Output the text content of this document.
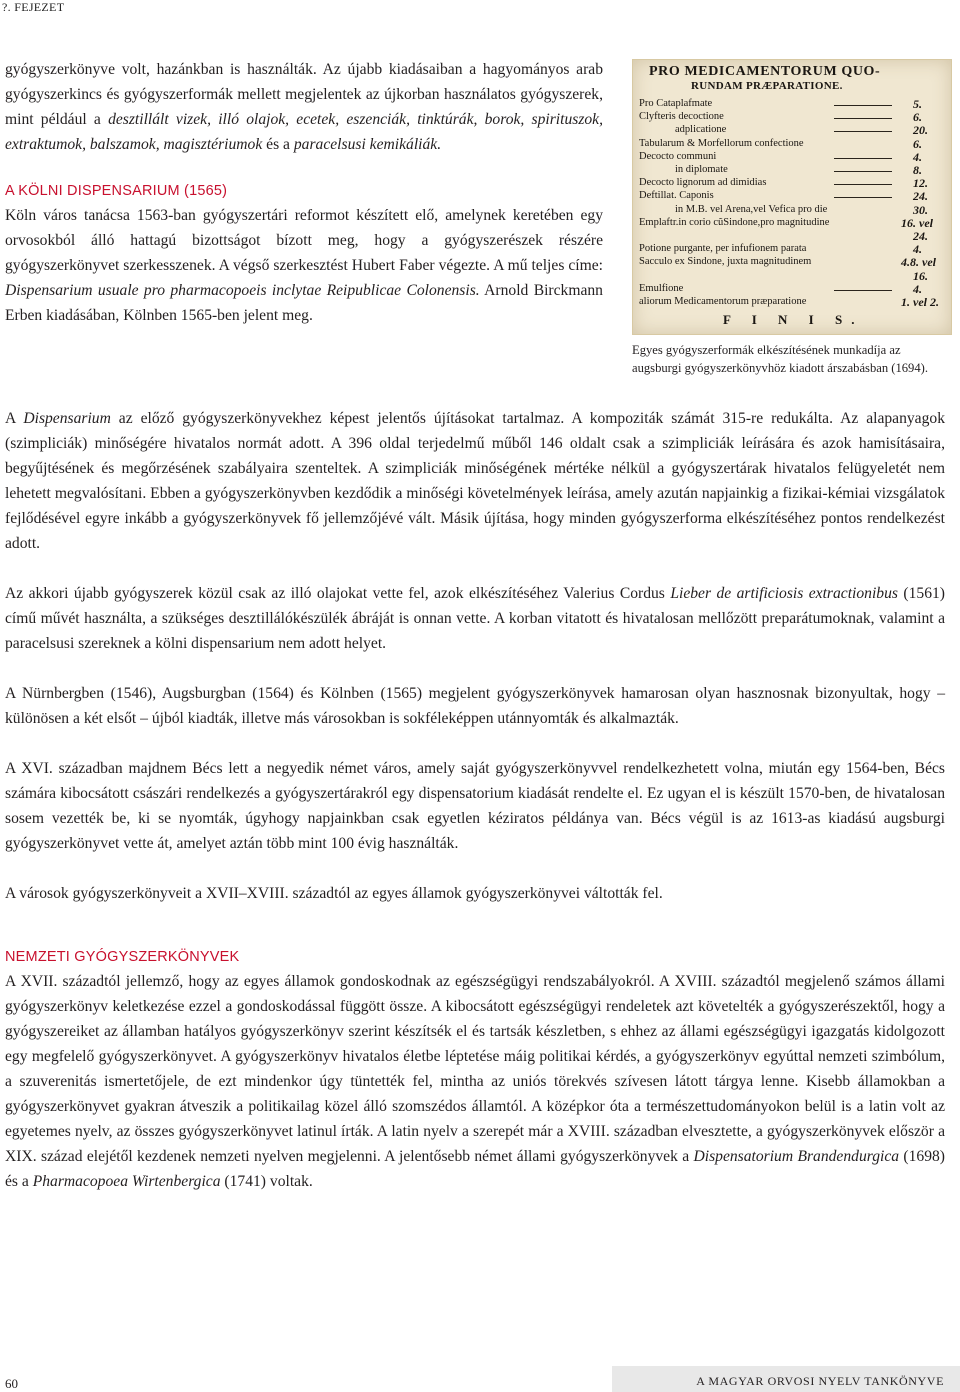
?. FEJEZET

gyógyszerkönyve volt, hazánkban is használták. Az újabb kiadásaiban a hagyományos arab gyógyszerkincs és gyógyszerformák mellett megjelentek az újkorban használatos gyógyszerek, mint például a desztillált vizek, illó olajok, ecetek, eszenciák, tinktúrák, borok, spirituszok, extraktumok, balszamok, magisztériumok és a paracelsusi kemikáliák.

A KÖLNI DISPENSARIUM (1565)

Köln város tanácsa 1563-ban gyógyszertári reformot készített elő, amelynek keretében egy orvosokból álló hattagú bizottságot bízott meg, hogy a gyógyszerészek részére gyógyszerkönyvet szerkesszenek. A végső szerkesztést Hubert Faber végezte. A mű teljes címe: Dispensarium usuale pro pharmacopoeis inclytae Reipublicae Colonensis. Arnold Birckmann Erben kiadásában, Kölnben 1565-ben jelent meg.

PRO MEDICAMENTORUM QUO-
RUNDAM PRÆPARATIONE.
Pro Cataplafmate	5.
Clyfteris decoctione	6.
adplicatione	20.
Tabularum & Morfellorum confectione	6.
Decocto communi	4.
in diplomate	8.
Decocto lignorum ad dimidias	12.
Deftillat. Caponis	24.
in M.B. vel Arena,vel Vefica pro die	30.
Emplaftr.in corio cũSindone,pro magnitudine	16. vel
24.
Potione purgante, per infufionem parata	4.
Sacculo ex Sindone, juxta magnitudinem	4.8. vel
16.
Emulfione	4.
aliorum Medicamentorum præparatione	1. vel 2.
F I N I S.
Egyes gyógyszerformák elkészítésének munkadíja az augsburgi gyógyszerkönyvhöz kiadott árszabásban (1694).

A Dispensarium az előző gyógyszerkönyvekhez képest jelentős újításokat tartalmaz. A kompoziták számát 315-re redukálta. Az alapanyagok (szimpliciák) minőségére hivatalos normát adott. A 396 oldal terjedelmű műből 146 oldalt csak a szimpliciák leírására és azok hamisításaira, begyűjtésének és megőrzésének szabályaira szenteltek. A szimpliciák minőségének mértéke nélkül a gyógyszertárak hivatalos felügyeletét nem lehetett megvalósítani. Ebben a gyógyszerkönyvben kezdődik a minőségi követelmények leírása, amely azután napjainkig a fizikai-kémiai vizsgálatok fejlődésével egyre inkább a gyógyszerkönyvek fő jellemzőjévé vált. Másik újítása, hogy minden gyógyszerforma elkészítéséhez pontos rendelkezést adott.

Az akkori újabb gyógyszerek közül csak az illó olajokat vette fel, azok elkészítéséhez Valerius Cordus Lieber de artificiosis extractionibus (1561) című művét használta, a szükséges desztillálókészülék ábráját is onnan vette. A korban vitatott és hivatalosan mellőzött preparátumoknak, valamint a paracelsusi szereknek a kölni dispensarium nem adott helyet.

A Nürnbergben (1546), Augsburgban (1564) és Kölnben (1565) megjelent gyógyszerkönyvek hamarosan olyan hasznosnak bizonyultak, hogy – különösen a két elsőt – újból kiadták, illetve más városokban is sokféleképpen utánnyomták és alkalmazták.

A XVI. században majdnem Bécs lett a negyedik német város, amely saját gyógyszerkönyvvel rendelkezhetett volna, miután egy 1564-ben, Bécs számára kibocsátott császári rendelkezés a gyógyszertárakról egy dispensatorium kiadását rendelte el. Ez ugyan el is készült 1570-ben, de hivatalosan sosem vezették be, ki se nyomták, úgyhogy napjainkban csak egyetlen kéziratos példánya van. Bécs végül is az 1613-as kiadású augsburgi gyógyszerkönyvet vette át, amelyet aztán több mint 100 évig használták.

A városok gyógyszerkönyveit a XVII–XVIII. századtól az egyes államok gyógyszerkönyvei váltották fel.

NEMZETI GYÓGYSZERKÖNYVEK

A XVII. századtól jellemző, hogy az egyes államok gondoskodnak az egészségügyi rendszabályokról. A XVIII. századtól megjelenő számos állami gyógyszerkönyv keletkezése ezzel a gondoskodással függött össze. A kibocsátott egészségügyi rendeletek azt követelték a gyógyszerészektől, hogy a gyógyszereiket az államban hatályos gyógyszerkönyv szerint készítsék el és tartsák készletben, s ehhez az állami egészségügyi igazgatás kidolgozott egy megfelelő gyógyszerkönyvet. A gyógyszerkönyv hivatalos életbe léptetése máig politikai kérdés, a gyógyszerkönyv egyúttal nemzeti szimbólum, a szuverenitás ismertetőjele, de ezt mindenkor úgy tüntették fel, mintha az uniós törekvés szívesen látott tárgya lenne. Kisebb államokban a gyógyszerkönyvet gyakran átveszik a politikailag közel álló szomszédos államtól. A középkor óta a természettudományokon belül is a latin volt az egyetemes nyelv, az összes gyógyszerkönyvet latinul írták. A latin nyelv a szerepét már a XVIII. században elvesztette, a gyógyszerkönyvek először a XIX. század elejétől kezdenek nemzeti nyelven megjelenni. A jelentősebb német állami gyógyszerkönyvek a Dispensatorium Brandendurgica (1698) és a Pharmacopoea Wirtenbergica (1741) voltak.

60	A MAGYAR ORVOSI NYELV TANKÖNYVE
